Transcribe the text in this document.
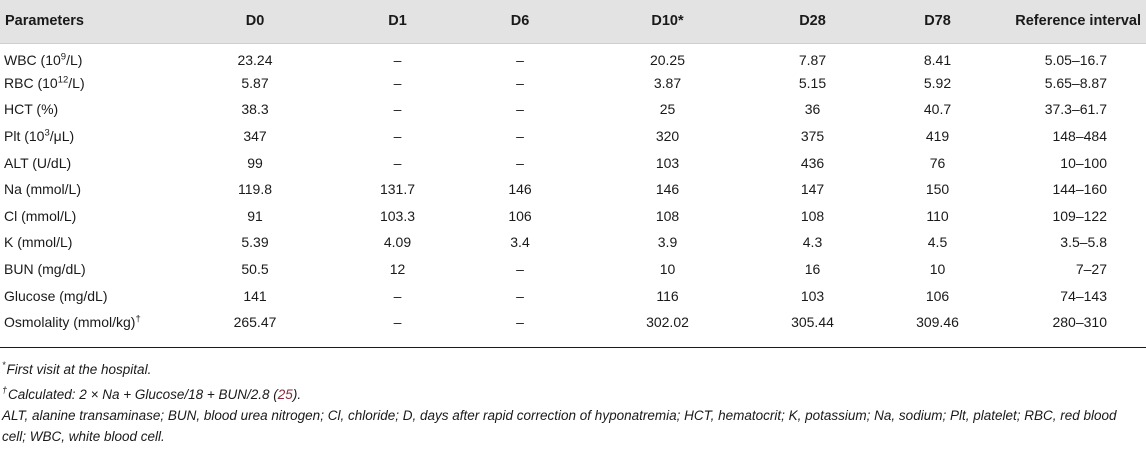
Parameters	D0	D1	D6	D10*	D28	D78	Reference interval
WBC $(10^9/L)$	23.24	–	–	20.25	7.87	8.41	5.05–16.7
RBC $(10^{12}/L)$	5.87	–	–	3.87	5.15	5.92	5.65–8.87
HCT (%)	38.3	–	–	25	36	40.7	37.3–61.7
Plt $(10^3/\mu L)$	347	–	–	320	375	419	148–484
ALT (U/dL)	99	–	–	103	436	76	10–100
Na (mmol/L)	119.8	131.7	146	146	147	150	144–160
Cl (mmol/L)	91	103.3	106	108	108	110	109–122
K (mmol/L)	5.39	4.09	3.4	3.9	4.3	4.5	3.5–5.8
BUN (mg/dL)	50.5	12	–	10	16	10	7–27
Glucose (mg/dL)	141	–	–	116	103	106	74–143
Osmolality (mmol/kg)†	265.47	–	–	302.02	305.44	309.46	280–310

*First visit at the hospital.

†Calculated: 2 × Na + Glucose/18 + BUN/2.8 (25).

ALT, alanine transaminase; BUN, blood urea nitrogen; Cl, chloride; D, days after rapid correction of hyponatremia; HCT, hematocrit; K, potassium; Na, sodium; Plt, platelet; RBC, red blood cell; WBC, white blood cell.
